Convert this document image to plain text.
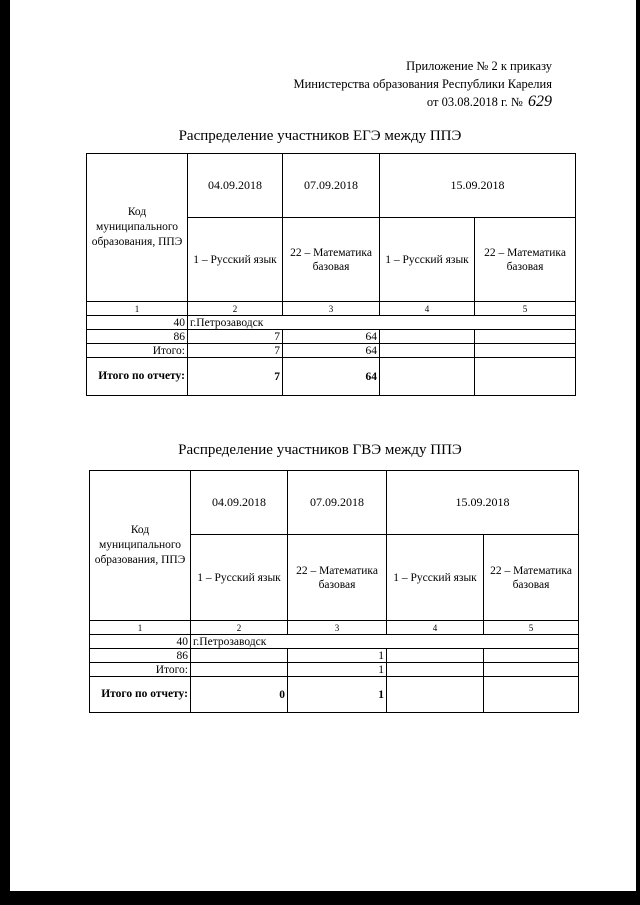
Приложение № 2 к приказу
Министерства образования Республики Карелия
от 03.08.2018 г. № 629
Распределение участников ЕГЭ между ППЭ
Код муниципального образования, ППЭ	04.09.2018	07.09.2018	15.09.2018	
	1 – Русский язык	22 – Математика базовая	1 – Русский язык	22 – Математика базовая
1	2	3	4	5
40	г.Петрозаводск			
86	7	64		
Итого:	7	64		
Итого по отчету:	7	64		
Распределение участников ГВЭ между ППЭ
Код муниципального образования, ППЭ	04.09.2018	07.09.2018	15.09.2018	
	1 – Русский язык	22 – Математика базовая	1 – Русский язык	22 – Математика базовая
1	2	3	4	5
40	г.Петрозаводск			
86		1		
Итого:		1		
Итого по отчету:	0	1		
